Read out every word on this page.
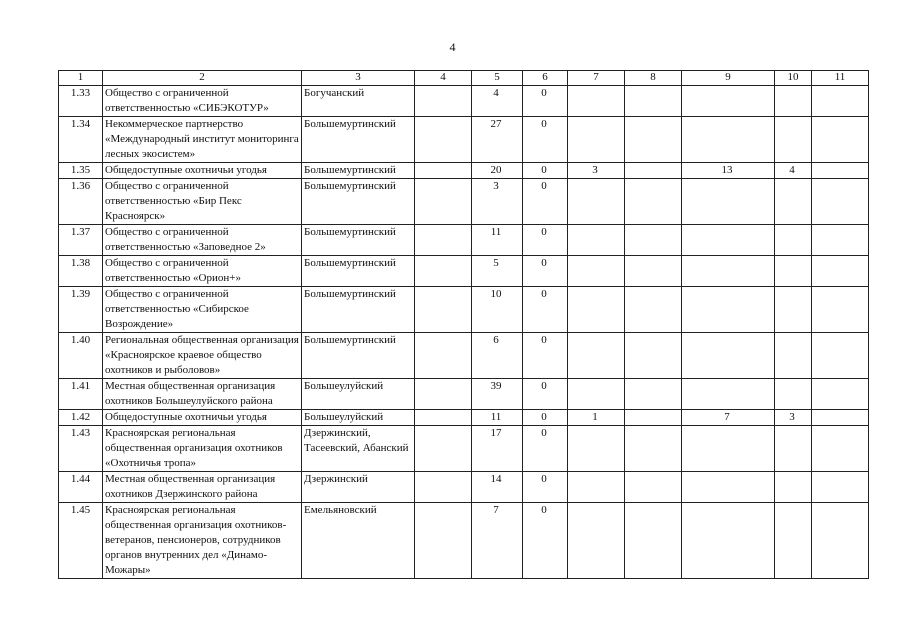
4
1	2	3	4	5	6	7	8	9	10	11
1.33	Общество с ограниченной ответственностью «СИБЭКОТУР»	Богучанский		4	0					
1.34	Некоммерческое партнерство «Международный институт мониторинга лесных экосистем»	Большемуртинский		27	0					
1.35	Общедоступные охотничьи угодья	Большемуртинский		20	0	3		13	4	
1.36	Общество с ограниченной ответственностью «Бир Пекс Красноярск»	Большемуртинский		3	0					
1.37	Общество с ограниченной ответственностью «Заповедное 2»	Большемуртинский		11	0					
1.38	Общество с ограниченной ответственностью «Орион+»	Большемуртинский		5	0					
1.39	Общество с ограниченной ответственностью «Сибирское Возрождение»	Большемуртинский		10	0					
1.40	Региональная общественная организация «Красноярское краевое общество охотников и рыболовов»	Большемуртинский		6	0					
1.41	Местная общественная организация охотников Большеулуйского района	Большеулуйский		39	0					
1.42	Общедоступные охотничьи угодья	Большеулуйский		11	0	1		7	3	
1.43	Красноярская региональная общественная организация охотников «Охотничья тропа»	Дзержинский, Тасеевский, Абанский		17	0					
1.44	Местная общественная организация охотников Дзержинского района	Дзержинский		14	0					
1.45	Красноярская региональная общественная организация охотников-ветеранов, пенсионеров, сотрудников органов внутренних дел «Динамо-Можары»	Емельяновский		7	0					
